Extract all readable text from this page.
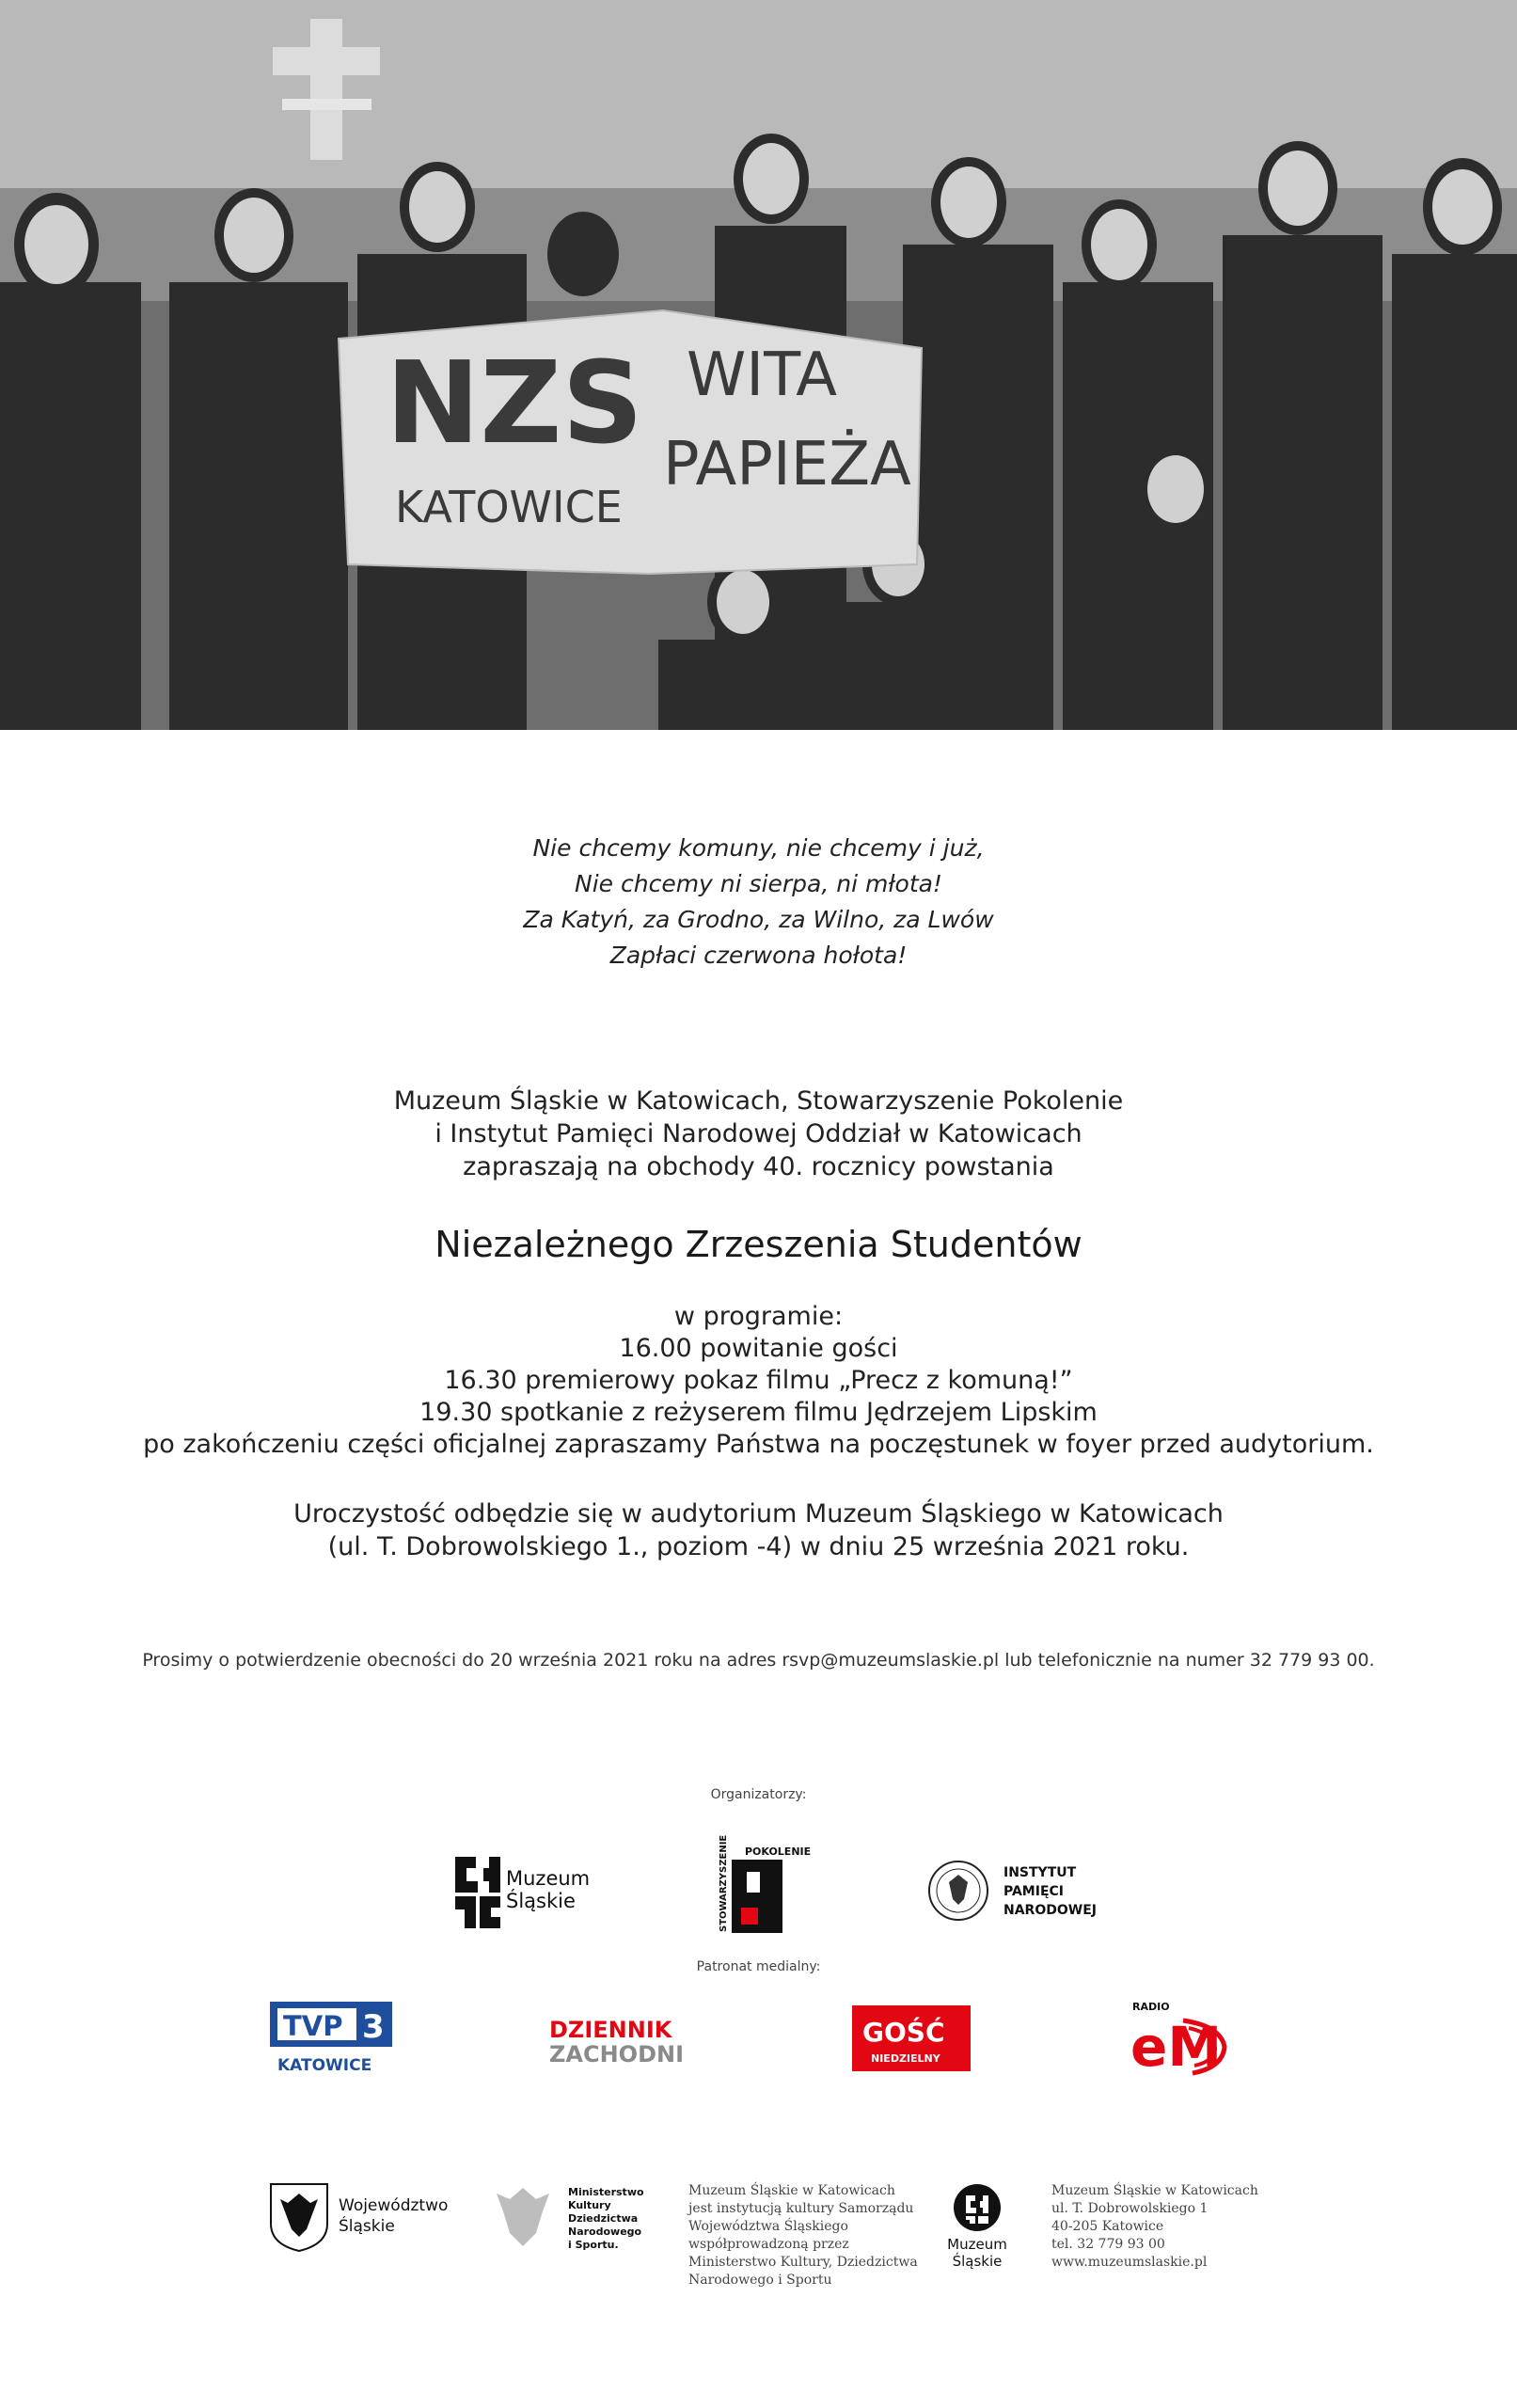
NZS
KATOWICE
WITA
PAPIEŻA
Nie chcemy komuny, nie chcemy i już,
Nie chcemy ni sierpa, ni młota!
Za Katyń, za Grodno, za Wilno, za Lwów
Zapłaci czerwona hołota!
Muzeum Śląskie w Katowicach, Stowarzyszenie Pokolenie
i Instytut Pamięci Narodowej Oddział w Katowicach
zapraszają na obchody 40. rocznicy powstania
Niezależnego Zrzeszenia Studentów
w programie:
16.00 powitanie gości
16.30 premierowy pokaz filmu „Precz z komuną!”
19.30 spotkanie z reżyserem filmu Jędrzejem Lipskim
po zakończeniu części oficjalnej zapraszamy Państwa na poczęstunek w foyer przed audytorium.
Uroczystość odbędzie się w audytorium Muzeum Śląskiego w Katowicach
(ul. T. Dobrowolskiego 1., poziom -4) w dniu 25 września 2021 roku.
Prosimy o potwierdzenie obecności do 20 września 2021 roku na adres rsvp@muzeumslaskie.pl lub telefonicznie na numer 32 779 93 00.
Organizatorzy:
Muzeum
Śląskie	STOWARZYSZENIE POKOLENIE
INSTYTUT
PAMIĘCI
NARODOWEJ
Patronat medialny:
TVP 3
KATOWICE
DZIENNIK
ZACHODNI
GOŚĆ
NIEDZIELNY
RADIO
eM
Województwo
Śląskie
Ministerstwo
Kultury
Dziedzictwa
Narodowego
i Sportu.
Muzeum Śląskie w Katowicach
jest instytucją kultury Samorządu
Województwa Śląskiego
współprowadzoną przez
Ministerstwo Kultury, Dziedzictwa
Narodowego i Sportu
Muzeum
Śląskie
Muzeum Śląskie w Katowicach
ul. T. Dobrowolskiego 1
40-205 Katowice
tel. 32 779 93 00
www.muzeumslaskie.pl
